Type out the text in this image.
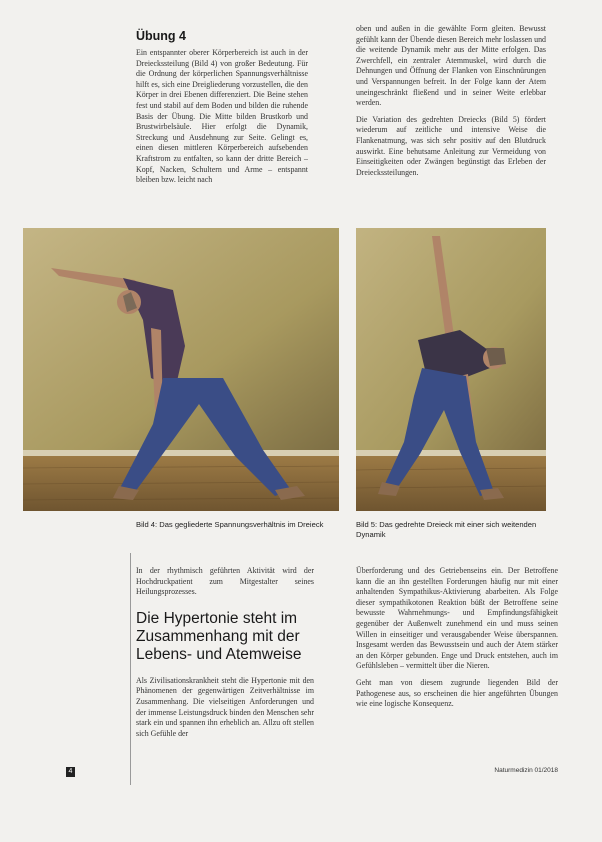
Übung 4

Ein entspannter oberer Körperbereich ist auch in der Dreieckssteilung (Bild 4) von großer Bedeutung. Für die Ordnung der körperlichen Spannungsverhältnisse hilft es, sich eine Dreigliederung vorzustellen, die den Körper in drei Ebenen differenziert. Die Beine stehen fest und stabil auf dem Boden und bilden die ruhende Basis der Übung. Die Mitte bilden Brustkorb und Brustwirbelsäule. Hier erfolgt die Dynamik, Streckung und Ausdehnung zur Seite. Gelingt es, einen diesen mittleren Körperbereich aufsebenden Kraftstrom zu entfalten, so kann der dritte Bereich – Kopf, Nacken, Schultern und Arme – entspannt bleiben bzw. leicht nach

oben und außen in die gewählte Form gleiten. Bewusst gefühlt kann der Übende diesen Bereich mehr loslassen und die weitende Dynamik mehr aus der Mitte erfolgen. Das Zwerchfell, ein zentraler Atemmuskel, wird durch die Dehnungen und Öffnung der Flanken von Einschnürungen und Verspannungen befreit. In der Folge kann der Atem uneingeschränkt fließend und in seiner Weite erlebbar werden.

Die Variation des gedrehten Dreiecks (Bild 5) fördert wiederum auf zeitliche und intensive Weise die Flankenatmung, was sich sehr positiv auf den Blutdruck auswirkt. Eine behutsame Anleitung zur Vermeidung von Einseitigkeiten oder Zwängen begünstigt das Erleben der Dreieckssteilungen.

Bild 4: Das gegliederte Spannungsverhältnis im Dreieck	Bild 5: Das gedrehte Dreieck mit einer sich weitenden Dynamik

In der rhythmisch geführten Aktivität wird der Hochdruckpatient zum Mitgestalter seines Heilungsprozesses.

Die Hypertonie steht im Zusammenhang mit der Lebens- und Atemweise

Als Zivilisationskrankheit steht die Hypertonie mit den Phänomenen der gegenwärtigen Zeitverhältnisse im Zusammenhang. Die vielseitigen Anforderungen und der immense Leistungsdruck binden den Menschen sehr stark ein und spannen ihn erheblich an. Allzu oft stellen sich Gefühle der

Überforderung und des Getriebenseins ein. Der Betroffene kann die an ihn gestellten Forderungen häufig nur mit einer anhaltenden Sympathikus-Aktivierung abarbeiten. Als Folge dieser sympathikotonen Reaktion büßt der Betroffene seine bewusste Wahrnehmungs- und Empfindungsfähigkeit gegenüber der Außenwelt zunehmend ein und muss seinen Willen in einseitiger und verausgabender Weise überspannen. Insgesamt werden das Bewusstsein und auch der Atem stärker an den Körper gebunden. Enge und Druck entstehen, auch im Gefühlsleben – vermittelt über die Nieren.

Geht man von diesem zugrunde liegenden Bild der Pathogenese aus, so erscheinen die hier angeführten Übungen wie eine logische Konsequenz.

4	Naturmedizin 01/2018
